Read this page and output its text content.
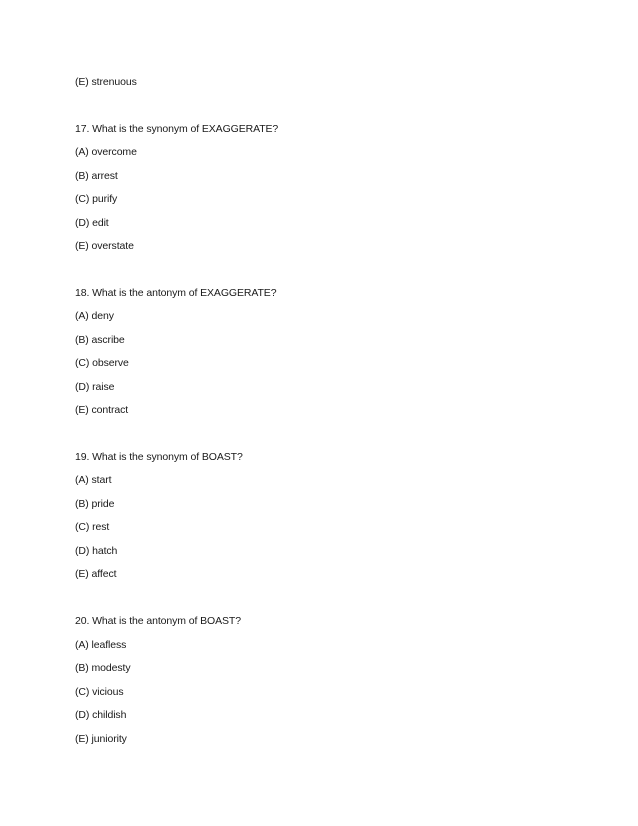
(E) strenuous
17. What is the synonym of EXAGGERATE?
(A) overcome
(B) arrest
(C) purify
(D) edit
(E) overstate
18. What is the antonym of EXAGGERATE?
(A) deny
(B) ascribe
(C) observe
(D) raise
(E) contract
19. What is the synonym of BOAST?
(A) start
(B) pride
(C) rest
(D) hatch
(E) affect
20. What is the antonym of BOAST?
(A) leafless
(B) modesty
(C) vicious
(D) childish
(E) juniority
